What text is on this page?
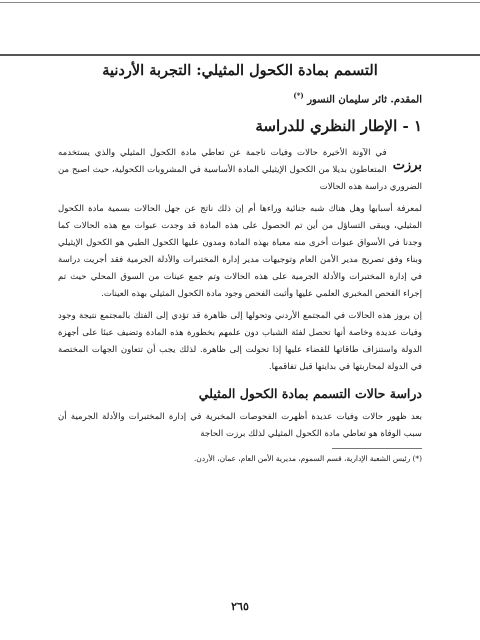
التسمم بمادة الكحول المثيلي: التجربة الأردنية
المقدم. ثائر سليمان النسور (*)
١ - الإطار النظري للدراسة

برزت
في الآونة الأخيرة حالات وفيات ناجمة عن تعاطي مادة الكحول المثيلي والذي يستخدمه المتعاطون بديلا من الكحول الإيثيلي المادة الأساسية في المشروبات الكحولية، حيث اصبح من الضروري دراسة هذه الحالات

لمعرفة أسبابها وهل هناك شبه جنائية وراءها أم إن ذلك ناتج عن جهل الحالات بسمية مادة الكحول المثيلي، ويبقى التساؤل من أين تم الحصول على هذه المادة قد وجدت عبوات مع هذه الحالات كما وجدنا في الأسواق عبوات أخرى منه معباة بهذه المادة ومدون عليها الكحول الطبي هو الكحول الإيثيلي وبناء وفق تصريح مدير الأمن العام وتوجيهات مدير إدارة المختبرات والأدلة الجرمية فقد أجريت دراسة في إدارة المختبرات والأدلة الجرمية على هذه الحالات وتم جمع عينات من السوق المحلي حيث تم إجراء الفحص المخبري العلمي عليها وأثبت الفحص وجود مادة الكحول المثيلي بهذه العينات.

إن بروز هذه الحالات في المجتمع الأردني وتحولها إلى ظاهرة قد تؤدي إلى الفتك بالمجتمع نتيجة وجود وفيات عديدة وخاصة أنها تحصل لفئة الشباب دون علمهم بخطورة هذه المادة وتضيف عبئا على أجهزة الدولة واستنزاف طاقاتها للقضاء عليها إذا تحولت إلى ظاهرة. لذلك يجب أن تتعاون الجهات المختصة في الدولة لمحاربتها في بدايتها قبل تفاقمها.

دراسة حالات التسمم بمادة الكحول المثيلي

بعد ظهور حالات وفيات عديدة أظهرت الفحوصات المخبرية في إدارة المختبرات والأدلة الجرمية أن سبب الوفاة هو تعاطي مادة الكحول المثيلي لذلك برزت الحاجة

(*) رئيس الشعبة الإدارية، قسم السموم، مديرية الأمن العام، عمان، الأردن.

٢٦٥
